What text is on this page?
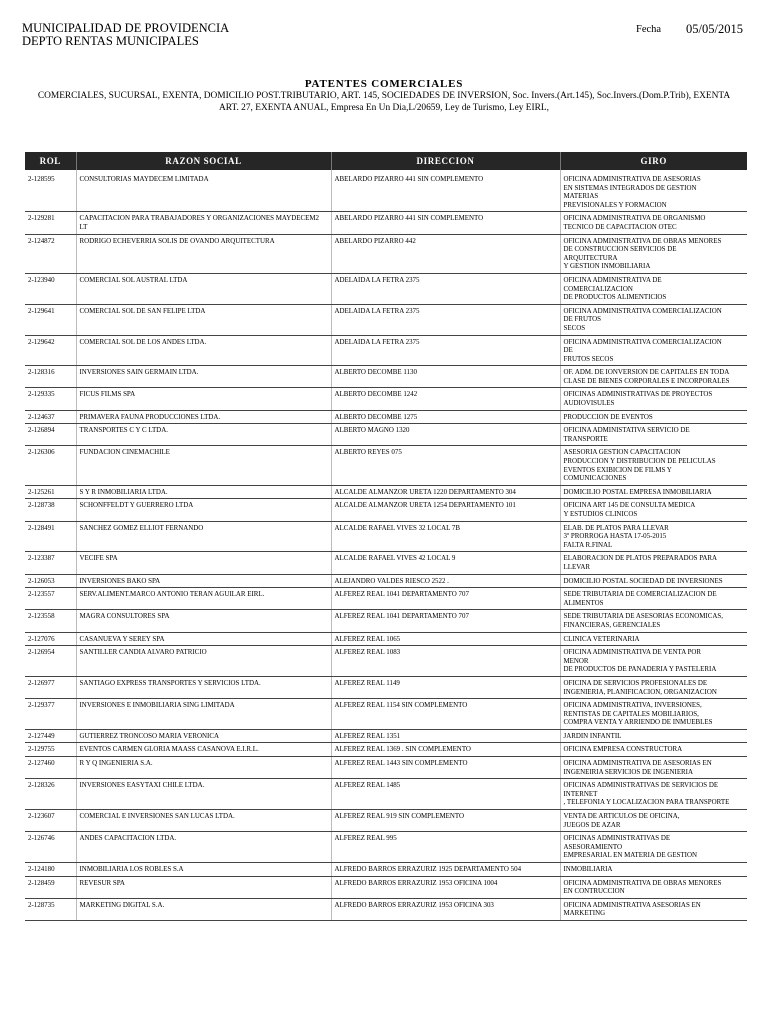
MUNICIPALIDAD DE PROVIDENCIA
DEPTO RENTAS MUNICIPALES
Fecha 05/05/2015
PATENTES COMERCIALES
COMERCIALES, SUCURSAL, EXENTA, DOMICILIO POST.TRIBUTARIO, ART. 145, SOCIEDADES DE INVERSION, Soc. Invers.(Art.145), Soc.Invers.(Dom.P.Trib), EXENTA ART. 27, EXENTA ANUAL, Empresa En Un Dia,L/20659, Ley de Turismo, Ley EIRL,
ROL	RAZON SOCIAL	DIRECCION	GIRO
2-128595	CONSULTORIAS MAYDECEM LIMITADA	ABELARDO PIZARRO 441 SIN COMPLEMENTO	OFICINA ADMINISTRATIVA DE ASESORIAS
EN SISTEMAS INTEGRADOS DE GESTION
MATERIAS
PREVISIONALES Y FORMACION
2-129281	CAPACITACION PARA TRABAJADORES Y ORGANIZACIONES MAYDECEM2 LT	ABELARDO PIZARRO 441 SIN COMPLEMENTO	OFICINA ADMINISTRATIVA DE ORGANISMO
TECNICO DE CAPACITACION OTEC
2-124872	RODRIGO ECHEVERRIA SOLIS DE OVANDO ARQUITECTURA	ABELARDO PIZARRO 442	OFICINA ADMINISTRATIVA DE OBRAS MENORES
DE CONSTRUCCION SERVICIOS DE
ARQUITECTURA
Y GESTION INMOBILIARIA
2-123940	COMERCIAL SOL AUSTRAL LTDA	ADELAIDA LA FETRA 2375	OFICINA ADMINISTRATIVA DE
COMERCIALIZACION
DE PRODUCTOS ALIMENTICIOS
2-129641	COMERCIAL SOL DE SAN FELIPE LTDA	ADELAIDA LA FETRA 2375	OFICINA ADMINISTRATIVA COMERCIALIZACION
DE FRUTOS
SECOS
2-129642	COMERCIAL SOL DE LOS ANDES LTDA.	ADELAIDA LA FETRA 2375	OFICINA ADMINISTRATIVA COMERCIALIZACION
DE
FRUTOS SECOS
2-128316	INVERSIONES SAIN GERMAIN LTDA.	ALBERTO DECOMBE 1130	OF. ADM. DE IONVERSION DE CAPITALES EN TODA
CLASE DE BIENES CORPORALES E INCORPORALES
2-129335	FICUS FILMS SPA	ALBERTO DECOMBE 1242	OFICINAS ADMINISTRATIVAS DE PROYECTOS
AUDIOVISULES
2-124637	PRIMAVERA FAUNA PRODUCCIONES LTDA.	ALBERTO DECOMBE 1275	PRODUCCION DE EVENTOS
2-126894	TRANSPORTES C Y C LTDA.	ALBERTO MAGNO 1320	OFICINA ADMINISTATIVA SERVICIO DE
TRANSPORTE
2-126306	FUNDACION CINEMACHILE	ALBERTO REYES 075	ASESORIA GESTION CAPACITACION
PRODUCCION Y DISTRIBUCION DE PELICULAS
EVENTOS EXIBICION DE FILMS Y
COMUNICACIONES
2-125261	S Y R INMOBILIARIA LTDA.	ALCALDE ALMANZOR URETA 1220 DEPARTAMENTO 304	DOMICILIO POSTAL EMPRESA INMOBILIARIA
2-128738	SCHONFFELDT Y GUERRERO LTDA	ALCALDE ALMANZOR URETA 1254 DEPARTAMENTO 101	OFICINA ART 145 DE CONSULTA MEDICA
Y ESTUDIOS CLINICOS
2-128491	SANCHEZ GOMEZ ELLIOT FERNANDO	ALCALDE RAFAEL VIVES 32 LOCAL 7B	ELAB. DE PLATOS PARA LLEVAR
3º PRORROGA HASTA 17-05-2015
FALTA R.FINAL
2-123387	VECIFE SPA	ALCALDE RAFAEL VIVES 42 LOCAL 9	ELABORACION DE PLATOS PREPARADOS PARA
LLEVAR
2-126053	INVERSIONES BAKO SPA	ALEJANDRO VALDES RIESCO 2522 .	DOMICILIO POSTAL SOCIEDAD DE INVERSIONES
2-123557	SERV.ALIMENT.MARCO ANTONIO TERAN AGUILAR EIRL.	ALFEREZ REAL 1041 DEPARTAMENTO 707	SEDE TRIBUTARIA DE COMERCIALIZACION DE
ALIMENTOS
2-123558	MAGRA CONSULTORES SPA	ALFEREZ REAL 1041 DEPARTAMENTO 707	SEDE TRIBUTARIA DE ASESORIAS ECONOMICAS,
FINANCIERAS, GERENCIALES
2-127076	CASANUEVA Y SEREY SPA	ALFEREZ REAL 1065	CLINICA VETERINARIA
2-126954	SANTILLER CANDIA ALVARO PATRICIO	ALFEREZ REAL 1083	OFICINA ADMINISTRATIVA DE VENTA POR
MENOR
DE PRODUCTOS DE PANADERIA Y PASTELERIA
2-126977	SANTIAGO EXPRESS TRANSPORTES Y SERVICIOS LTDA.	ALFEREZ REAL 1149	OFICINA DE SERVICIOS PROFESIONALES DE
INGENIERIA, PLANIFICACION, ORGANIZACION
2-129377	INVERSIONES E INMOBILIARIA SING LIMITADA	ALFEREZ REAL 1154 SIN COMPLEMENTO	OFICINA ADMINISTRATIVA, INVERSIONES,
RENTISTAS DE CAPITALES MOBILIARIOS,
COMPRA VENTA Y ARRIENDO DE INMUEBLES
2-127449	GUTIERREZ TRONCOSO MARIA VERONICA	ALFEREZ REAL 1351	JARDIN INFANTIL
2-129755	EVENTOS CARMEN GLORIA MAASS CASANOVA E.I.R.L.	ALFEREZ REAL 1369 . SIN COMPLEMENTO	OFICINA EMPRESA CONSTRUCTORA
2-127460	R Y Q INGENIERIA S.A.	ALFEREZ REAL 1443 SIN COMPLEMENTO	OFICINA ADMINISTRATIVA DE ASESORIAS EN
INGENEIRIA SERVICIOS DE INGENIERIA
2-128326	INVERSIONES EASYTAXI CHILE LTDA.	ALFEREZ REAL 1485	OFICINAS ADMINISTRATIVAS DE SERVICIOS DE
INTERNET
, TELEFONIA Y LOCALIZACION PARA TRANSPORTE
2-123607	COMERCIAL E INVERSIONES SAN LUCAS LTDA.	ALFEREZ REAL 919 SIN COMPLEMENTO	VENTA DE ARTICULOS DE OFICINA,
JUEGOS DE AZAR
2-126746	ANDES CAPACITACION LTDA.	ALFEREZ REAL 995	OFICINAS ADMINISTRATIVAS DE
ASESORAMIENTO
EMPRESARIAL EN MATERIA DE GESTION
2-124180	INMOBILIARIA LOS ROBLES S.A	ALFREDO BARROS ERRAZURIZ 1925 DEPARTAMENTO 504	INMOBILIARIA
2-128459	REVESUR SPA	ALFREDO BARROS ERRAZURIZ 1953 OFICINA 1004	OFICINA ADMINISTRATIVA DE OBRAS MENORES
EN CONTRUCCION
2-128735	MARKETING DIGITAL S.A.	ALFREDO BARROS ERRAZURIZ 1953 OFICINA 303	OFICINA ADMINISTRATIVA ASESORIAS EN
MARKETING
